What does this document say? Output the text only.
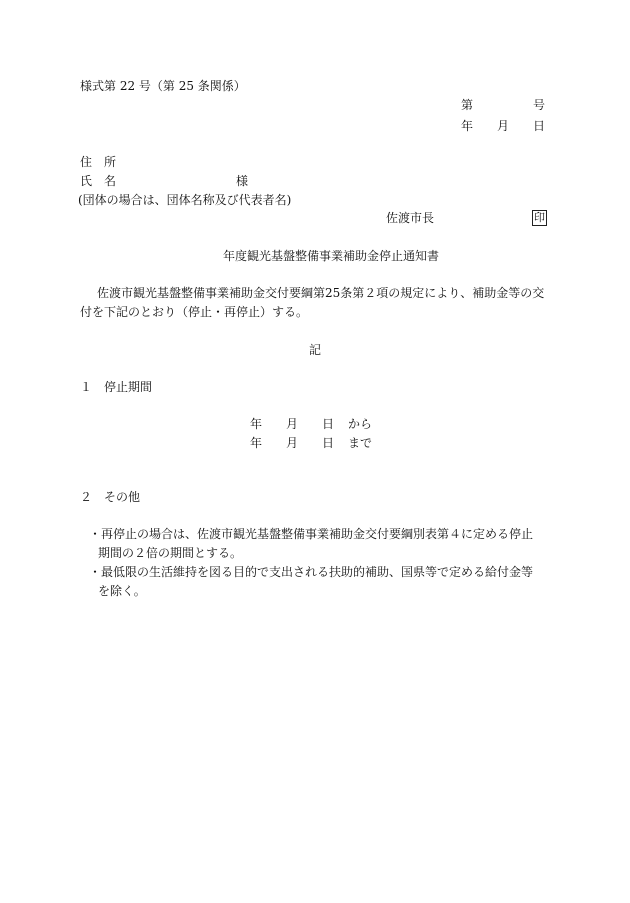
様式第 22 号（第 25 条関係）
第	号
年 月 日
住　所
氏　名	様
(団体の場合は、団体名称及び代表者名)
佐渡市長	印
年度観光基盤整備事業補助金停止通知書
佐渡市観光基盤整備事業補助金交付要綱第25条第２項の規定により、補助金等の交
付を下記のとおり（停止・再停止）する。
記
１ 停止期間
年 月 日 から
年 月 日 まで
２ その他
・再停止の場合は、佐渡市観光基盤整備事業補助金交付要綱別表第４に定める停止
期間の２倍の期間とする。
・最低限の生活維持を図る目的で支出される扶助的補助、国県等で定める給付金等
を除く。
